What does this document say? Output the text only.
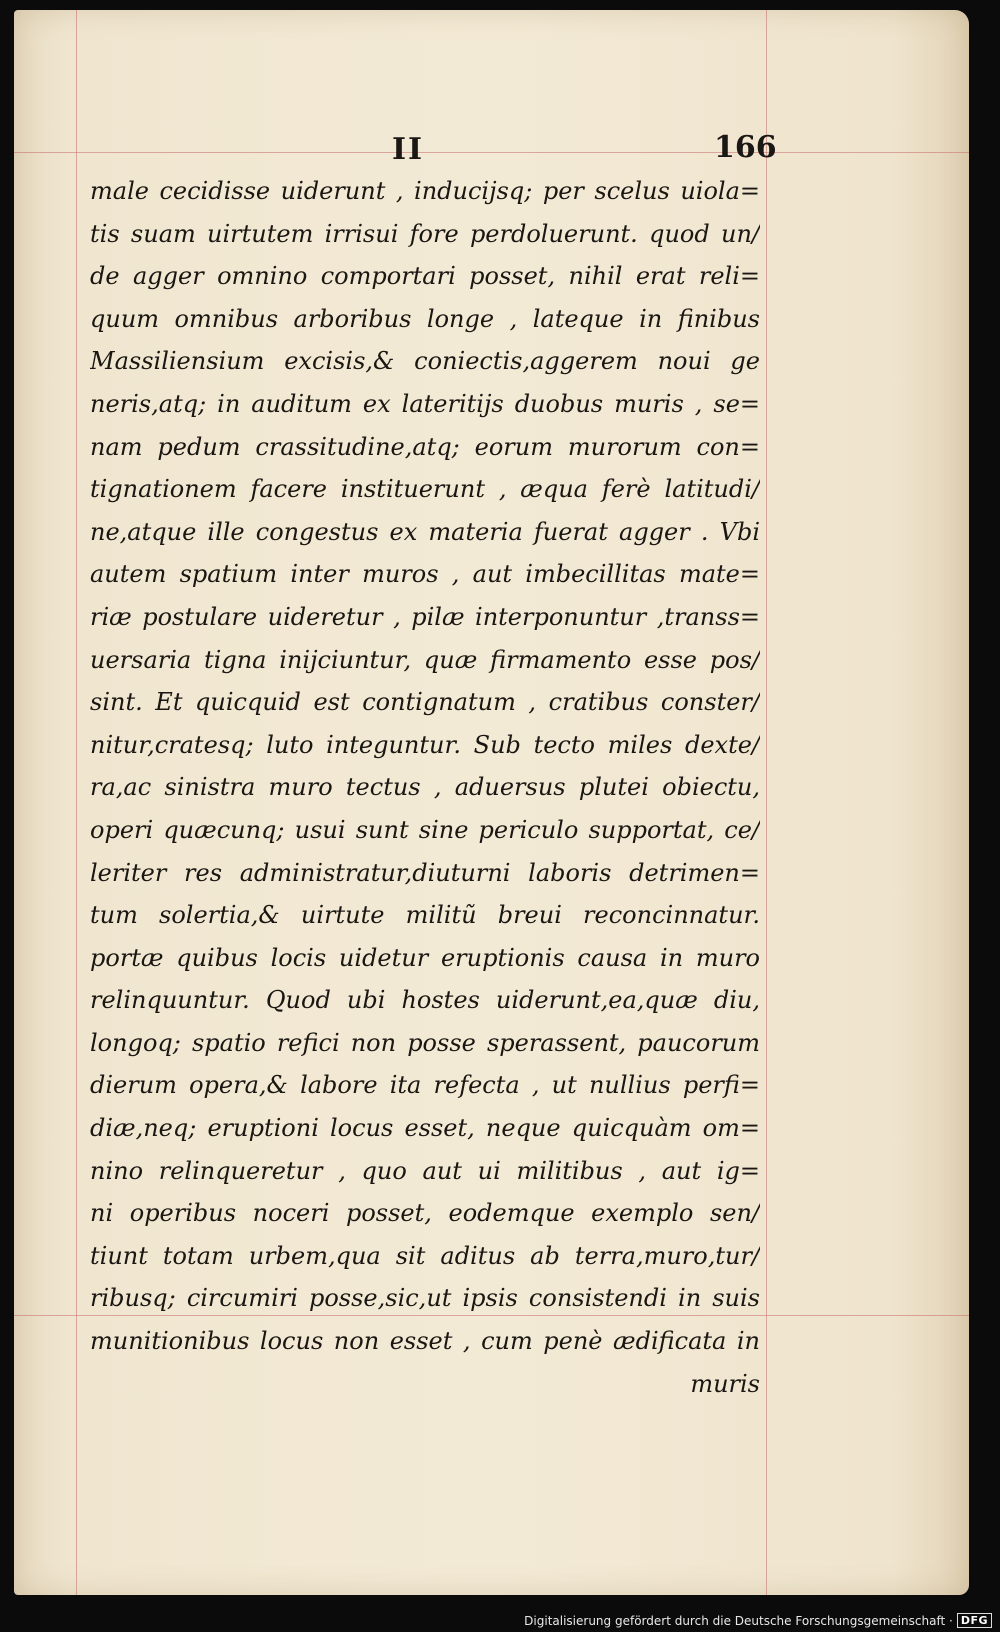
II	166
male cecidisse uiderunt , inducijsq; per scelus uiola=
tis suam uirtutem irrisui fore perdoluerunt. quod un/
de agger omnino comportari posset, nihil erat reli=
quum omnibus arboribus longe , lateque in finibus
Massiliensium excisis,& coniectis,aggerem noui ge
neris,atq; in auditum ex lateritijs duobus muris , se=
nam pedum crassitudine,atq; eorum murorum con=
tignationem facere instituerunt , æqua ferè latitudi/
ne,atque ille congestus ex materia fuerat agger . Vbi
autem spatium inter muros , aut imbecillitas mate=
riæ postulare uideretur , pilæ interponuntur ,transs=
uersaria tigna inijciuntur, quæ firmamento esse pos/
sint. Et quicquid est contignatum , cratibus conster/
nitur,cratesq; luto integuntur. Sub tecto miles dexte/
ra,ac sinistra muro tectus , aduersus plutei obiectu,
operi quæcunq; usui sunt sine periculo supportat, ce/
leriter res administratur,diuturni laboris detrimen=
tum solertia,& uirtute militũ breui reconcinnatur.
portæ quibus locis uidetur eruptionis causa in muro
relinquuntur. Quod ubi hostes uiderunt,ea,quæ diu,
longoq; spatio refici non posse sperassent, paucorum
dierum opera,& labore ita refecta , ut nullius perfi=
diæ,neq; eruptioni locus esset, neque quicquàm om=
nino relinqueretur , quo aut ui militibus , aut ig=
ni operibus noceri posset, eodemque exemplo sen/
tiunt totam urbem,qua sit aditus ab terra,muro,tur/
ribusq; circumiri posse,sic,ut ipsis consistendi in suis
munitionibus locus non esset , cum penè ædificata in
muris
Digitalisierung gefördert durch die Deutsche Forschungsgemeinschaft · DFG
